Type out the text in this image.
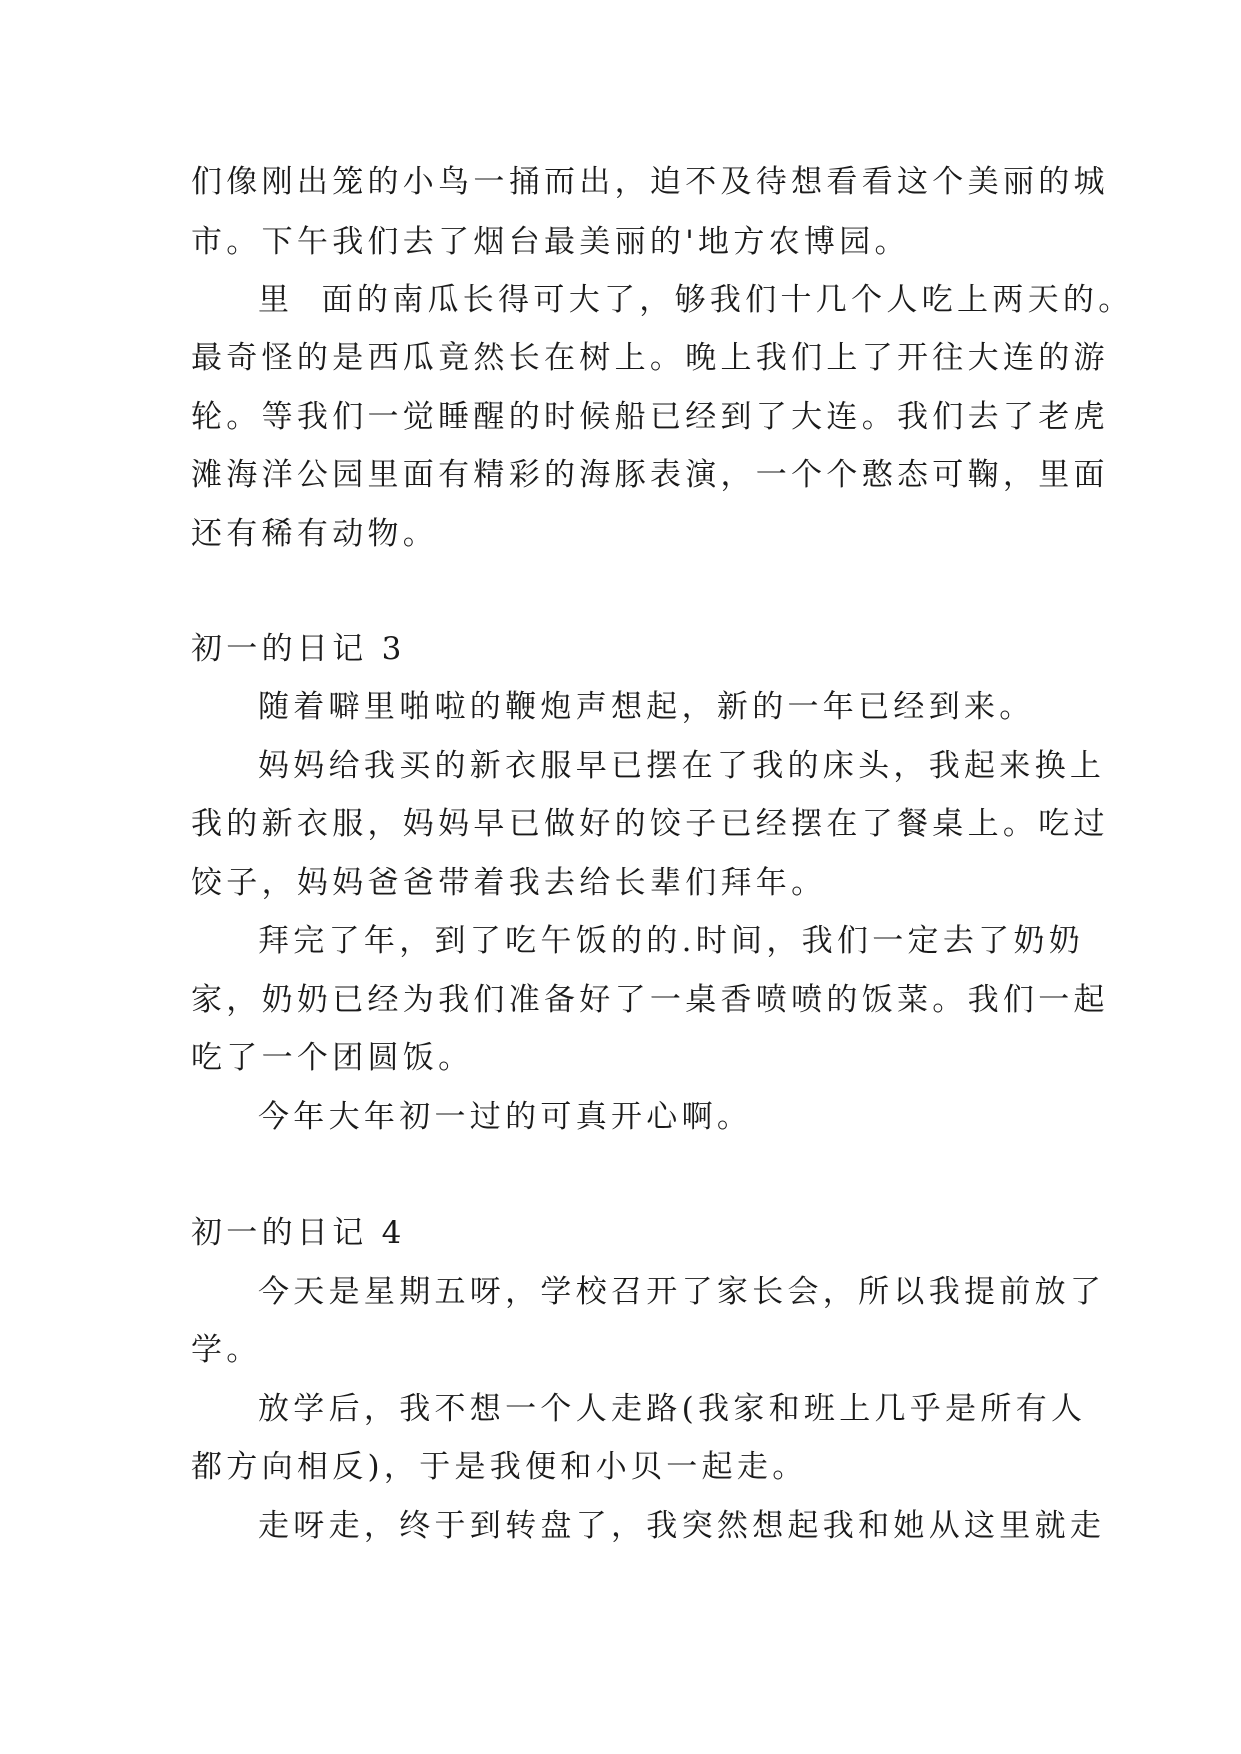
们像刚出笼的小鸟一捅而出，迫不及待想看看这个美丽的城
市。下午我们去了烟台最美丽的'地方农博园。
里  面的南瓜长得可大了，够我们十几个人吃上两天的。
最奇怪的是西瓜竟然长在树上。晚上我们上了开往大连的游
轮。等我们一觉睡醒的时候船已经到了大连。我们去了老虎
滩海洋公园里面有精彩的海豚表演，一个个憨态可鞠，里面
还有稀有动物。
初一的日记 3
随着噼里啪啦的鞭炮声想起，新的一年已经到来。
妈妈给我买的新衣服早已摆在了我的床头，我起来换上
我的新衣服，妈妈早已做好的饺子已经摆在了餐桌上。吃过
饺子，妈妈爸爸带着我去给长辈们拜年。
拜完了年，到了吃午饭的的.时间，我们一定去了奶奶
家，奶奶已经为我们准备好了一桌香喷喷的饭菜。我们一起
吃了一个团圆饭。
今年大年初一过的可真开心啊。
初一的日记 4
今天是星期五呀，学校召开了家长会，所以我提前放了
学。
放学后，我不想一个人走路(我家和班上几乎是所有人
都方向相反)，于是我便和小贝一起走。
走呀走，终于到转盘了，我突然想起我和她从这里就走
